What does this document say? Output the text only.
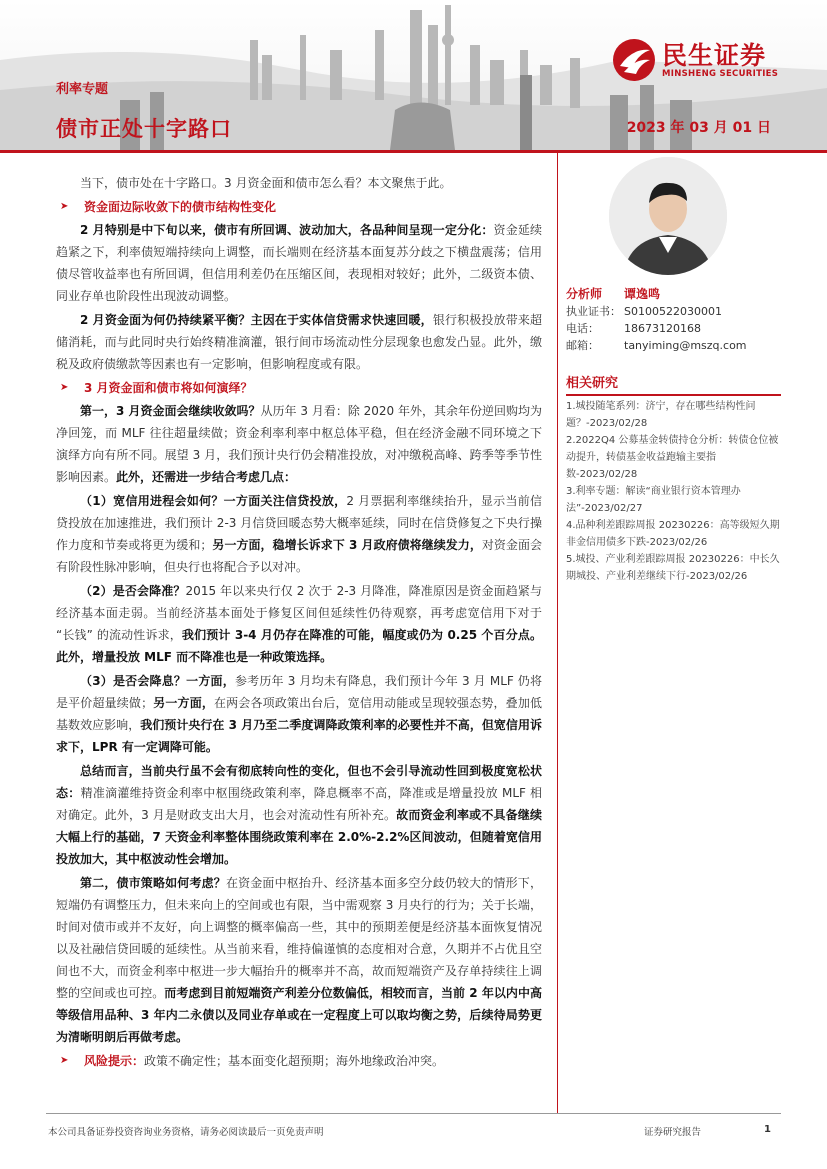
民生证券
MINSHENG SECURITIES
利率专题
债市正处十字路口	2023 年 03 月 01 日

当下，债市处在十字路口。3 月资金面和债市怎么看？本文聚焦于此。

➤	资金面边际收敛下的债市结构性变化

2 月特别是中下旬以来，债市有所回调、波动加大，各品种间呈现一定分化：资金延续趋紧之下，利率债短端持续向上调整，而长端则在经济基本面复苏分歧之下横盘震荡；信用债尽管收益率也有所回调，但信用利差仍在压缩区间，表现相对较好；此外，二级资本债、同业存单也阶段性出现波动调整。

2 月资金面为何仍持续紧平衡？主因在于实体信贷需求快速回暖，银行积极投放带来超储消耗，而与此同时央行始终精准滴灌，银行间市场流动性分层现象也愈发凸显。此外，缴税及政府债缴款等因素也有一定影响，但影响程度或有限。

➤	3 月资金面和债市将如何演绎？

第一，3 月资金面会继续收敛吗？从历年 3 月看：除 2020 年外，其余年份逆回购均为净回笼，而 MLF 往往超量续做；资金利率利率中枢总体平稳，但在经济金融不同环境之下演绎方向有所不同。展望 3 月，我们预计央行仍会精准投放，对冲缴税高峰、跨季等季节性影响因素。此外，还需进一步结合考虑几点：

（1）宽信用进程会如何？一方面关注信贷投放，2 月票据利率继续抬升，显示当前信贷投放在加速推进，我们预计 2-3 月信贷回暖态势大概率延续，同时在信贷修复之下央行操作力度和节奏或将更为缓和；另一方面，稳增长诉求下 3 月政府债将继续发力，对资金面会有阶段性脉冲影响，但央行也将配合予以对冲。

（2）是否会降准？2015 年以来央行仅 2 次于 2-3 月降准，降准原因是资金面趋紧与经济基本面走弱。当前经济基本面处于修复区间但延续性仍待观察，再考虑宽信用下对于 “长钱” 的流动性诉求，我们预计 3-4 月仍存在降准的可能，幅度或仍为 0.25 个百分点。此外，增量投放 MLF 而不降准也是一种政策选择。

（3）是否会降息？一方面，参考历年 3 月均未有降息，我们预计今年 3 月 MLF 仍将是平价超量续做；另一方面，在两会各项政策出台后，宽信用动能或呈现较强态势，叠加低基数效应影响，我们预计央行在 3 月乃至二季度调降政策利率的必要性并不高，但宽信用诉求下，LPR 有一定调降可能。

总结而言，当前央行虽不会有彻底转向性的变化，但也不会引导流动性回到极度宽松状态：精准滴灌维持资金利率中枢围绕政策利率，降息概率不高，降准或是增量投放 MLF 相对确定。此外，3 月是财政支出大月，也会对流动性有所补充。故而资金利率或不具备继续大幅上行的基础，7 天资金利率整体围绕政策利率在 2.0%-2.2%区间波动，但随着宽信用投放加大，其中枢波动性会增加。

第二，债市策略如何考虑？在资金面中枢抬升、经济基本面多空分歧仍较大的情形下，短端仍有调整压力，但未来向上的空间或也有限，当中需观察 3 月央行的行为；关于长端，时间对债市或并不友好，向上调整的概率偏高一些，其中的预期差便是经济基本面恢复情况以及社融信贷回暖的延续性。从当前来看，维持偏谨慎的态度相对合意，久期并不占优且空间也不大，而资金利率中枢进一步大幅抬升的概率并不高，故而短端资产及存单持续往上调整的空间或也可控。而考虑到目前短端资产利差分位数偏低，相较而言，当前 2 年以内中高等级信用品种、3 年内二永债以及同业存单或在一定程度上可以取均衡之势，后续待局势更为清晰明朗后再做考虑。

➤	风险提示： 政策不确定性；基本面变化超预期；海外地缘政治冲突。
分析师	谭逸鸣
执业证书： S0100522030001
电话：	18673120168
邮箱：	tanyiming@mszq.com
相关研究
1.城投随笔系列：济宁，存在哪些结构性问题？-2023/02/28
2.2022Q4 公募基金转债持仓分析：转债仓位被动提升，转债基金收益跑输主要指数-2023/02/28
3.利率专题：解读“商业银行资本管理办法”-2023/02/27
4.品种利差跟踪周报 20230226：高等级短久期非金信用债多下跌-2023/02/26
5.城投、产业利差跟踪周报 20230226：中长久期城投、产业利差继续下行-2023/02/26
本公司具备证券投资咨询业务资格，请务必阅读最后一页免责声明	证券研究报告	1
